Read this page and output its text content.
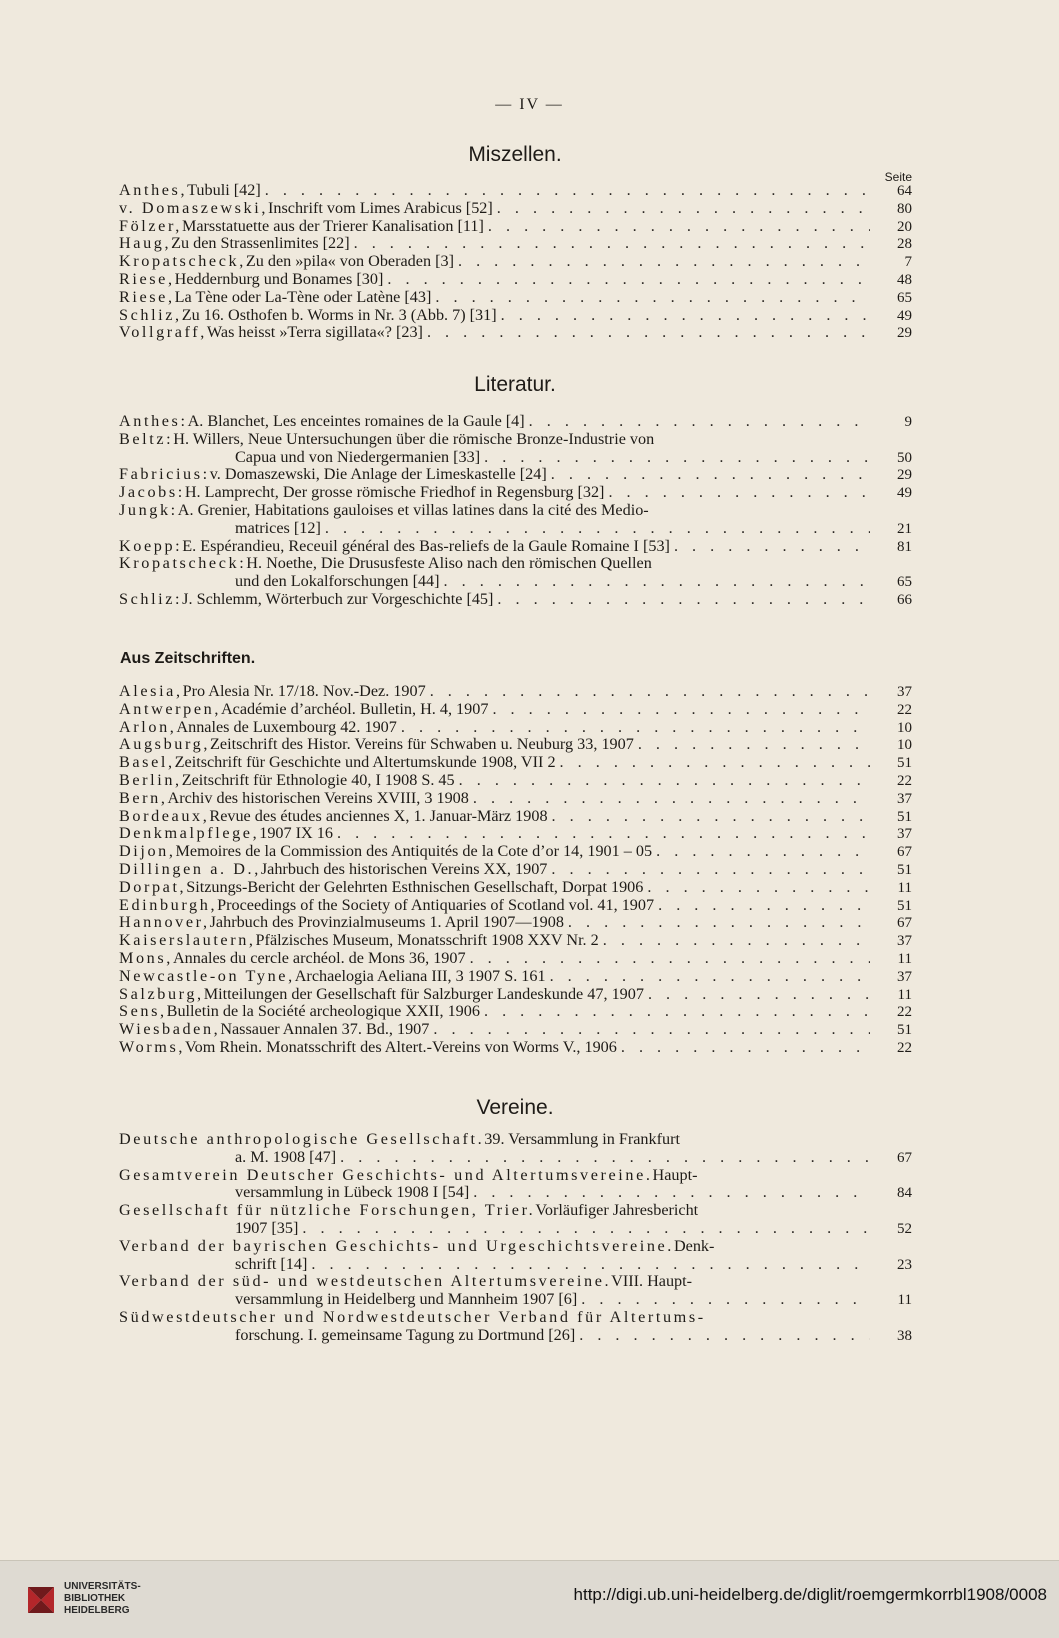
— IV —
Miszellen.
Seite
Anthes, Tubuli [42] . . .	64
v. Domaszewski, Inschrift vom Limes Arabicus [52] . . .	80
Fölzer, Marsstatuette aus der Trierer Kanalisation [11] . . .	20
Haug, Zu den Strassenlimites [22] . . .	28
Kropatscheck, Zu den »pila« von Oberaden [3] . . .	7
Riese, Heddernburg und Bonames [30] . . .	48
Riese, La Tène oder La-Tène oder Latène [43] . . .	65
Schliz, Zu 16. Osthofen b. Worms in Nr. 3 (Abb. 7) [31] . . .	49
Vollgraff, Was heisst »Terra sigillata«? [23] . . .	29
Literatur.
Anthes: A. Blanchet, Les enceintes romaines de la Gaule [4] . . .	9
Beltz: H. Willers, Neue Untersuchungen über die römische Bronze-Industrie von
Capua und von Niedergermanien [33] . . .	50
Fabricius: v. Domaszewski, Die Anlage der Limeskastelle [24] . . .	29
Jacobs: H. Lamprecht, Der grosse römische Friedhof in Regensburg [32] . . .	49
Jungk: A. Grenier, Habitations gauloises et villas latines dans la cité des Medio-
matrices [12] . . .	21
Koepp: E. Espérandieu, Receuil général des Bas-reliefs de la Gaule Romaine I [53] . . .	81
Kropatscheck: H. Noethe, Die Drususfeste Aliso nach den römischen Quellen
und den Lokalforschungen [44] . . .	65
Schliz: J. Schlemm, Wörterbuch zur Vorgeschichte [45] . . .	66
Aus Zeitschriften.
Alesia, Pro Alesia Nr. 17/18. Nov.-Dez. 1907 . . .	37
Antwerpen, Académie d’archéol. Bulletin, H. 4, 1907 . . .	22
Arlon, Annales de Luxembourg 42. 1907 . . .	10
Augsburg, Zeitschrift des Histor. Vereins für Schwaben u. Neuburg 33, 1907 . . .	10
Basel, Zeitschrift für Geschichte und Altertumskunde 1908, VII 2 . . .	51
Berlin, Zeitschrift für Ethnologie 40, I 1908 S. 45 . . .	22
Bern, Archiv des historischen Vereins XVIII, 3 1908 . . .	37
Bordeaux, Revue des études anciennes X, 1. Januar-März 1908 . . .	51
Denkmalpflege, 1907 IX 16 . . .	37
Dijon, Memoires de la Commission des Antiquités de la Cote d’or 14, 1901 – 05 . . .	67
Dillingen a. D., Jahrbuch des historischen Vereins XX, 1907 . . .	51
Dorpat, Sitzungs-Bericht der Gelehrten Esthnischen Gesellschaft, Dorpat 1906 . . .	11
Edinburgh, Proceedings of the Society of Antiquaries of Scotland vol. 41, 1907 . . .	51
Hannover, Jahrbuch des Provinzialmuseums 1. April 1907—1908 . . .	67
Kaiserslautern, Pfälzisches Museum, Monatsschrift 1908 XXV Nr. 2 . . .	37
Mons, Annales du cercle archéol. de Mons 36, 1907 . . .	11
Newcastle-on Tyne, Archaelogia Aeliana III, 3 1907 S. 161 . . .	37
Salzburg, Mitteilungen der Gesellschaft für Salzburger Landeskunde 47, 1907 . . .	11
Sens, Bulletin de la Société archeologique XXII, 1906 . . .	22
Wiesbaden, Nassauer Annalen 37. Bd., 1907 . . .	51
Worms, Vom Rhein. Monatsschrift des Altert.-Vereins von Worms V., 1906 . . .	22
Vereine.
Deutsche anthropologische Gesellschaft. 39. Versammlung in Frankfurt
a. M. 1908 [47] . . .	67
Gesamtverein Deutscher Geschichts- und Altertumsvereine. Haupt-
versammlung in Lübeck 1908 I [54] . . .	84
Gesellschaft für nützliche Forschungen, Trier. Vorläufiger Jahresbericht
1907 [35] . . .	52
Verband der bayrischen Geschichts- und Urgeschichtsvereine. Denk-
schrift [14] . . .	23
Verband der süd- und westdeutschen Altertumsvereine. VIII. Haupt-
versammlung in Heidelberg und Mannheim 1907 [6] . . .	11
Südwestdeutscher und Nordwestdeutscher Verband für Altertums-
forschung. I. gemeinsame Tagung zu Dortmund [26] . . .	38
UNIVERSITÄTS-
BIBLIOTHEK
HEIDELBERG
http://digi.ub.uni-heidelberg.de/diglit/roemgermkorrbl1908/0008
